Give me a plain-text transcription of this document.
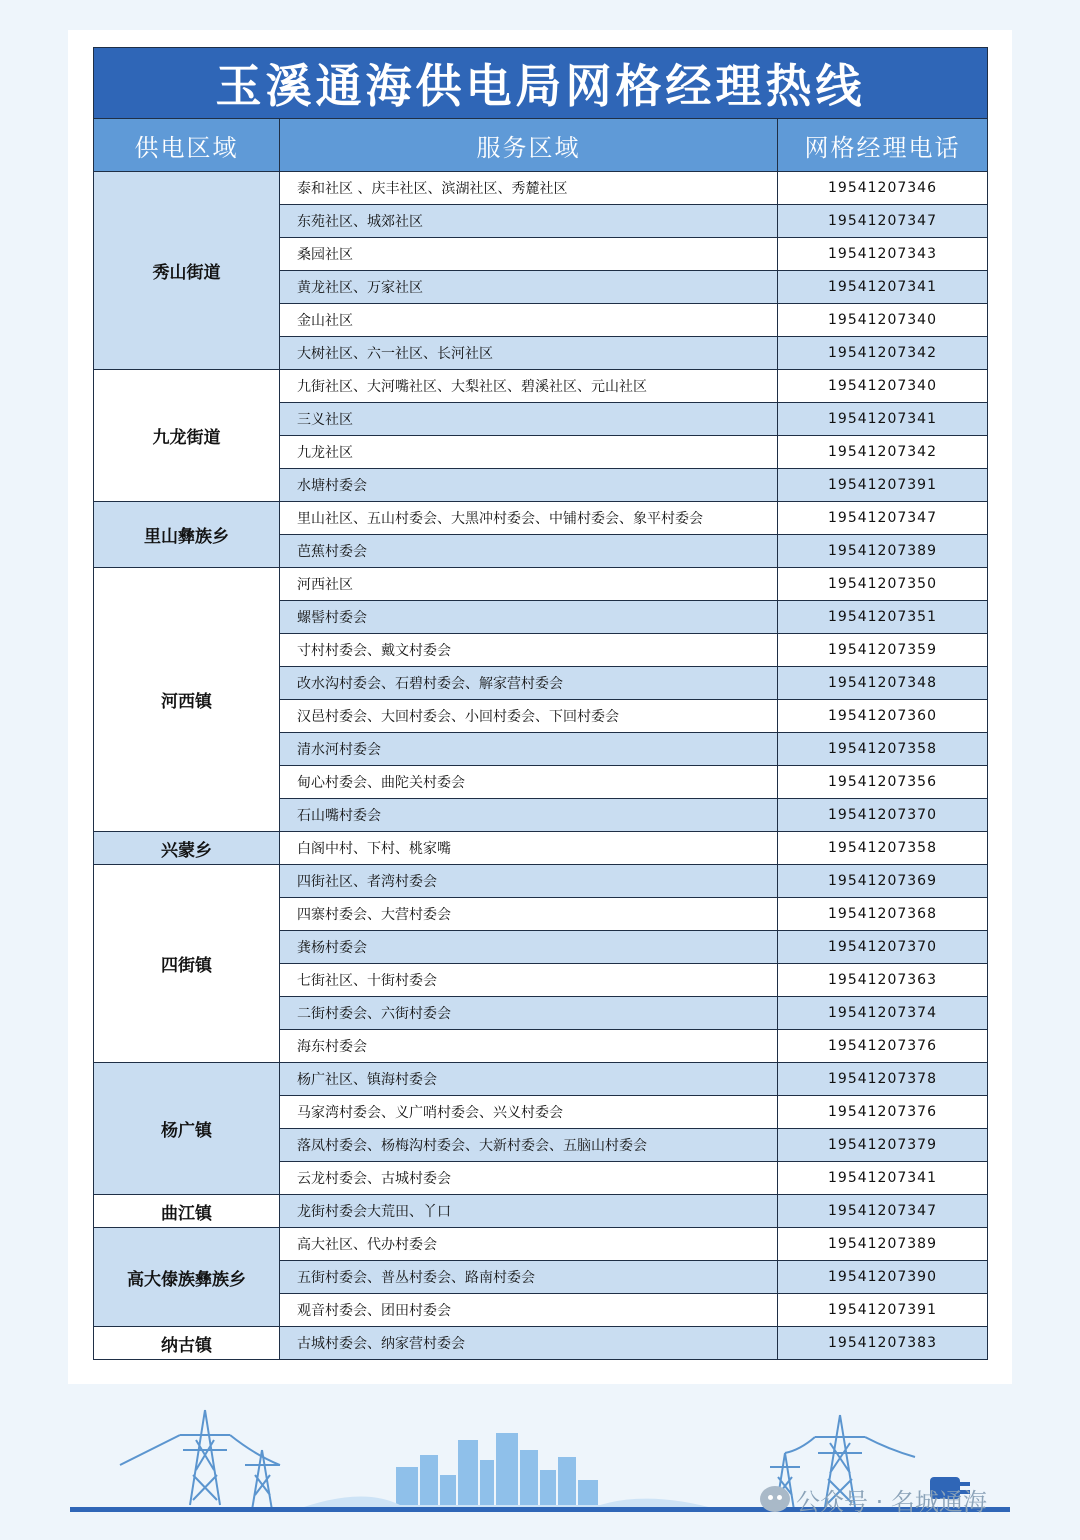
玉溪通海供电局网格经理热线		
供电区域	服务区域	网格经理电话
秀山街道	泰和社区 、庆丰社区、滨湖社区、秀麓社区	19541207346
	东苑社区、城郊社区	19541207347
	桑园社区	19541207343
	黄龙社区、万家社区	19541207341
	金山社区	19541207340
	大树社区、六一社区、长河社区	19541207342
九龙街道	九街社区、大河嘴社区、大梨社区、碧溪社区、元山社区	19541207340
	三义社区	19541207341
	九龙社区	19541207342
	水塘村委会	19541207391
里山彝族乡	里山社区、五山村委会、大黑冲村委会、中铺村委会、象平村委会	19541207347
	芭蕉村委会	19541207389
河西镇	河西社区	19541207350
	螺髻村委会	19541207351
	寸村村委会、戴文村委会	19541207359
	改水沟村委会、石碧村委会、解家营村委会	19541207348
	汉邑村委会、大回村委会、小回村委会、下回村委会	19541207360
	清水河村委会	19541207358
	甸心村委会、曲陀关村委会	19541207356
	石山嘴村委会	19541207370
兴蒙乡	白阁中村、下村、桃家嘴	19541207358
四街镇	四街社区、者湾村委会	19541207369
	四寨村委会、大营村委会	19541207368
	龚杨村委会	19541207370
	七街社区、十街村委会	19541207363
	二街村委会、六街村委会	19541207374
	海东村委会	19541207376
杨广镇	杨广社区、镇海村委会	19541207378
	马家湾村委会、义广哨村委会、兴义村委会	19541207376
	落凤村委会、杨梅沟村委会、大新村委会、五脑山村委会	19541207379
	云龙村委会、古城村委会	19541207341
曲江镇	龙街村委会大荒田、丫口	19541207347
高大傣族彝族乡	高大社区、代办村委会	19541207389
	五街村委会、普丛村委会、路南村委会	19541207390
	观音村委会、团田村委会	19541207391
纳古镇	古城村委会、纳家营村委会	19541207383
公众号 · 名城通海
